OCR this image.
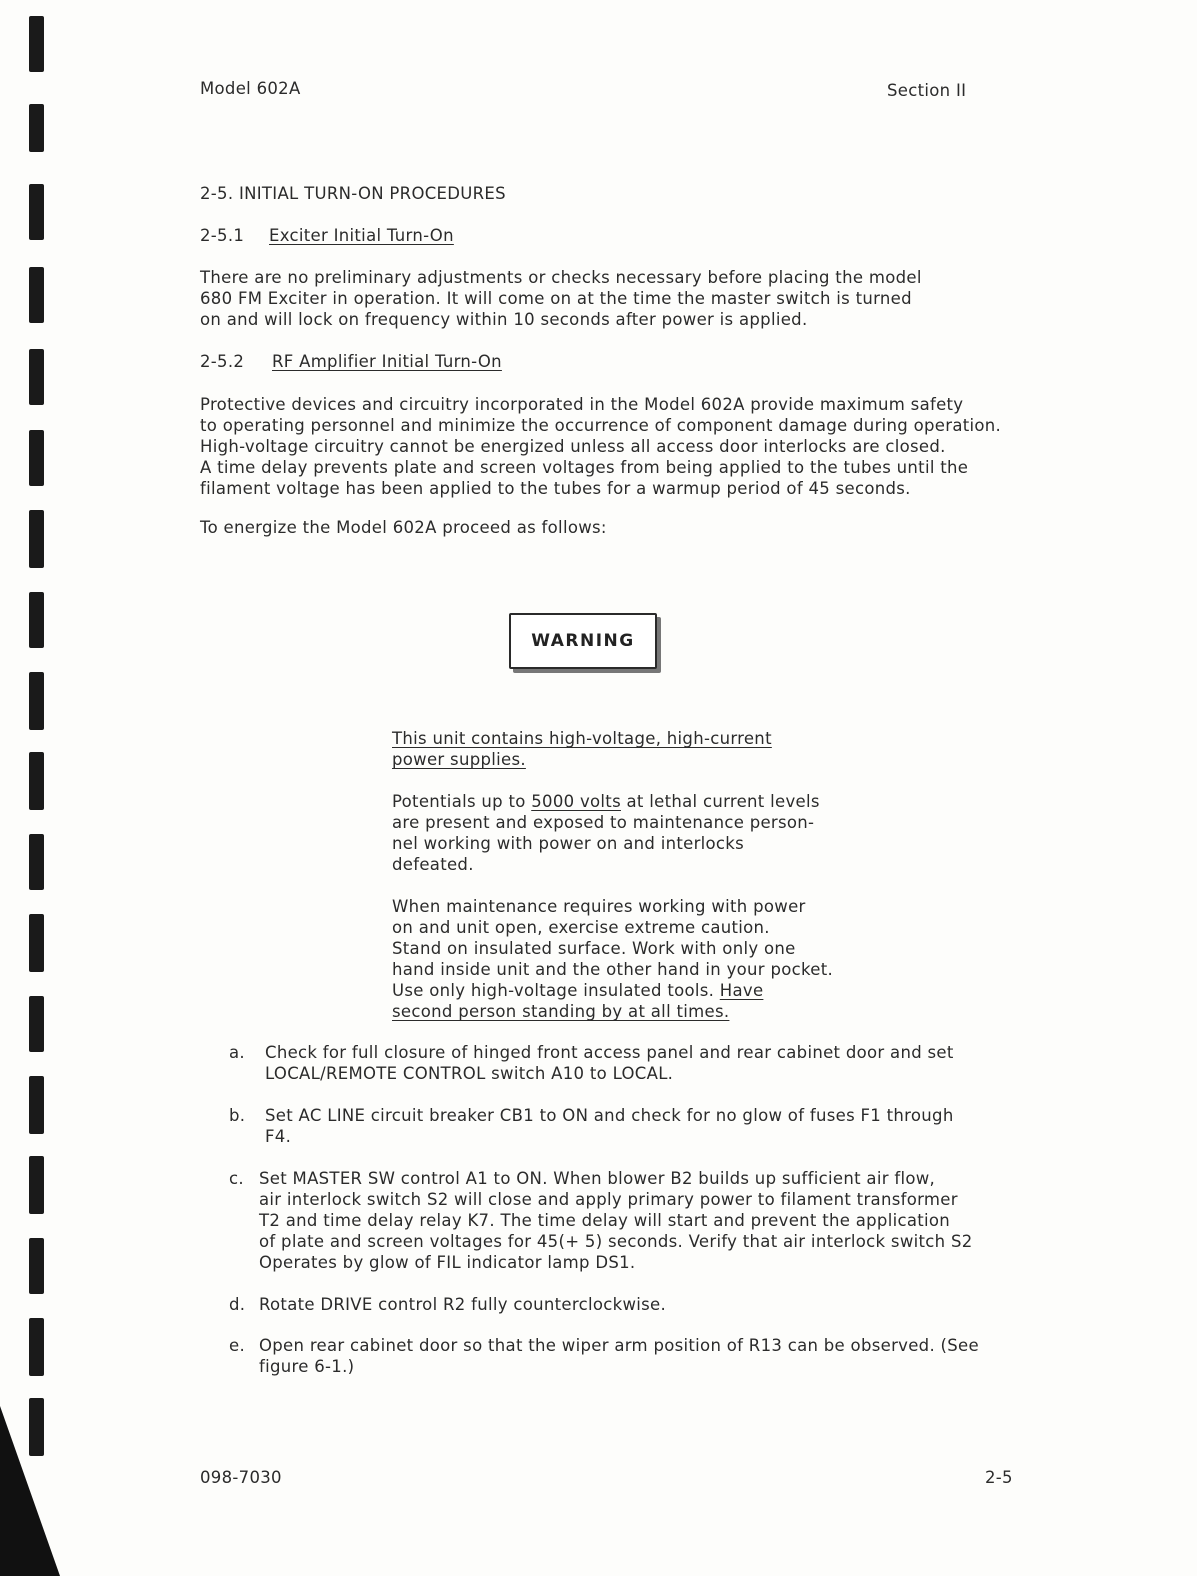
Model 602A	Section II
2-5. INITIAL TURN-ON PROCEDURES
2-5.1 Exciter Initial Turn-On
There are no preliminary adjustments or checks necessary before placing the model
680 FM Exciter in operation. It will come on at the time the master switch is turned
on and will lock on frequency within 10 seconds after power is applied.
2-5.2 RF Amplifier Initial Turn-On
Protective devices and circuitry incorporated in the Model 602A provide maximum safety
to operating personnel and minimize the occurrence of component damage during operation.
High-voltage circuitry cannot be energized unless all access door interlocks are closed.
A time delay prevents plate and screen voltages from being applied to the tubes until the
filament voltage has been applied to the tubes for a warmup period of 45 seconds.
To energize the Model 602A proceed as follows:
WARNING
This unit contains high-voltage, high-current
power supplies.
Potentials up to 5000 volts at lethal current levels
are present and exposed to maintenance person-
nel working with power on and interlocks
defeated.
When maintenance requires working with power
on and unit open, exercise extreme caution.
Stand on insulated surface. Work with only one
hand inside unit and the other hand in your pocket.
Use only high-voltage insulated tools. Have
second person standing by at all times.
a. Check for full closure of hinged front access panel and rear cabinet door and set
LOCAL/REMOTE CONTROL switch A10 to LOCAL.
b. Set AC LINE circuit breaker CB1 to ON and check for no glow of fuses F1 through
F4.
c. Set MASTER SW control A1 to ON. When blower B2 builds up sufficient air flow,
air interlock switch S2 will close and apply primary power to filament transformer
T2 and time delay relay K7. The time delay will start and prevent the application
of plate and screen voltages for 45(+ 5) seconds. Verify that air interlock switch S2
Operates by glow of FIL indicator lamp DS1.
d. Rotate DRIVE control R2 fully counterclockwise.
e. Open rear cabinet door so that the wiper arm position of R13 can be observed. (See
figure 6-1.)
098-7030	2-5
